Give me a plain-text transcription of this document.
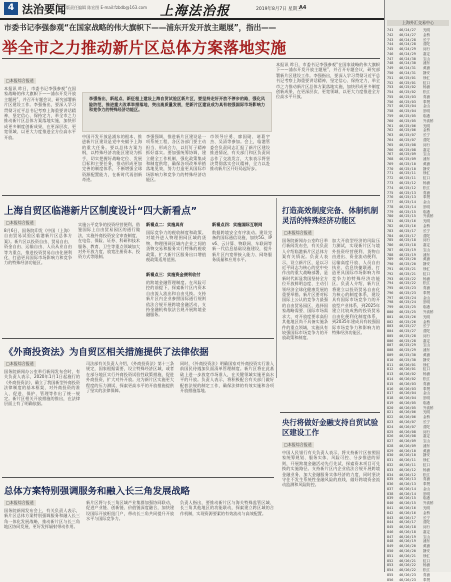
4 法治要闻
二版责任编辑 陈宏图 E-mail:fzbdb@163.com 上海法治报	2019年8月7日 星期三
A4
市委书记李强参观“在国家战略的伟大旗帜下——浦东开发开放主题展”，指出——
举全市之力推动新片区总体方案落地实施
□本报综合报道
本报讯 昨日，市委书记李强参观“在国家战略的伟大旗帜下——浦东开发开放主题展”，并召开专题会议，研究部署新片区建设工作。李强指出，要深入学习贯彻习近平总书记考察上海重要讲话精神，坚定信心、保持定力，举全市之力推动新片区总体方案落地实施，加快形成更多制度创新成果，在更深层次、更宽领域、以更大力度推进全方位高水平开放。
李强指出，新起点、新征程上建设上海自贸试验区新片区，要坚持走好开放不停步的路，强化风险防范，推进重大改革举措落地，突出高质量发展，把新片区建设成为具有较强国际市场影响力和竞争力的特殊经济功能区。
中国开发开放是浦东的根本，推进新片区建设是党中央赋予上海的重大任务。要以总体方案为纲，以特殊经济功能区建设为抓手，切实把握好战略定位、发展目标和主要任务，推动形成更加完善的制度体系，不断增强全球资源配置能力，在新时代再创新奇迹。
李强强调，推进新片区建设是一项系统工程，各区各部门要主动担当、形成合力，以钉钉子精神抓好落实。要加强统筹协调，建立健全工作机制，强化政策集成和制度供给，确保各项改革举措落地见效，努力打造更具国际市场影响力和竞争力的特殊经济功能区。
市领导应勇、廖国勋、诸葛宇杰、吴清等参加。会上，临港管委会负责同志汇报了新片区建设推进情况，有关部门和区负责同志作了交流发言，大家表示将坚决贯彻落实会议精神，全力以赴推动新片区开好局起好步。
本报讯 昨日，市委书记李强参观“在国家战略的伟大旗帜下——浦东开发开放主题展”，并召开专题会议，研究部署新片区建设工作。李强指出，要深入学习贯彻习近平总书记考察上海重要讲话精神，坚定信心、保持定力，举全市之力推动新片区总体方案落地实施，加快形成更多制度创新成果，在更深层次、更宽领域、以更大力度推进全方位高水平开放。
上海自贸区临港新片区制度设计“四大新看点”
□本报综合报道
8月6日，国务院印发《中国（上海）自由贸易试验区临港新片区总体方案》。新片区以投资自由、贸易自由、资金自由、运输自由、人员从业自由等为重点，推进投资贸易自由化便利化，打造更具国际市场影响力和竞争力的特殊经济功能区。
实施公平竞争的投资经营便利。借鉴国际上自由贸易园区的通行做法，实施外商投资安全审查制度，在电信、保险、证券、科研和技术服务、教育、卫生等重点领域加大对外开放力度，放宽注册资本、投资方式等限制。
新看点二：实施具有
国际竞争力的税收制度和政策。对境外进入物理围网区域的货物、物理围网区域内企业之间的货物交易和服务实行特殊的税收政策。扩大新片区服务出口增值税政策适用范围。
新看点三：实施资金便利收付
的跨境金融管理制度。在风险可控的前提下，探索新片区内资本自由流入流出和自由兑换。支持新片区内企业参照国际通行规则依法合规开展跨境金融活动，支持金融机构依法合规开展跨境金融服务。
新看点四：实施国际互联网
数据跨境安全有序流动。建设完备的国际通信设施，加快5G、IPv6、云计算、物联网、车联网等新一代信息基础设施建设，提升新片区内宽带接入能力、网络服务质量和应用水平。
打造高效制度完备、体制机制灵活的特殊经济功能区
□本报综合报道
国务院新闻办公室昨日举行新闻发布会，有关负责人介绍临港新片区总体方案有关情况。负责人表示，设立新片区，是以习近平同志为核心的党中央作出的重大战略部署，是新时代彰显我国坚持全方位开放鲜明态度、主动引领经济全球化健康发展的重要举措。新片区要对标国际上公认的竞争力最强的自由贸易园区，选择国家战略需要、国际市场需求大、对开放度要求高但其他地区尚不具备实施条件的重点领域，实施具有较强国际市场竞争力的开放政策和制度。
加大开放型经济的风险压力测试，实现新片区与境外投资经营便利、货物自由进出、资金流动便利、运输高度开放、人员自由执业、信息快捷联通，打造更具国际市场影响力和竞争力的特殊经济功能区。负责人介绍，新片区将建立以投资贸易自由化为核心的制度体系，建设具有国际市场竞争力的开放型产业体系，到2025年建立比较成熟的投资贸易自由化便利化制度体系，到2035年建成具有较强国际市场竞争力和影响力的特殊经济功能区。
《外商投资法》为自贸区相关措施提供了法律依据
□本报综合报道
国务院新闻办公室举行新闻发布会时，有关负责人表示，2020年1月1日起施行的《外商投资法》，确立了我国新型外商投资法律制度的基本框架，对外商投资的准入、促进、保护、管理等作出了统一规定。新片区相关开放措施的推出，在法律层面上有了明确依据。
司法部有关负责人介绍，《外商投资法》第十三条规定，国家根据需要，设立特殊经济区域，或者在部分地区实行外商投资试验性政策措施，促进外商投资，扩大对外开放。这为新片区实施更大程度的压力测试、探索更高水平的开放措施提供了坚实的法律保障。
同时，《外商投资法》明确国家对外商投资实行准入前国民待遇加负面清单管理制度。新片区将在此基础上进一步放宽市场准入，在关键领域实施更高水平的开放。负责人表示，将积极配合有关部门做好配套法规的制定工作，确保法律的有效实施和各项开放措施落地。
央行将做好金融支持自贸试验区建设工作
□本报综合报道
中国人民银行有关负责人表示，将支持新片区按照国家统筹规划、服务实体、风险可控、分步推进的原则，开展跨境金融活动先行先试，探索资本项目可兑换的实施路径。支持新片区内企业依法合规开展跨境金融业务，加大金融服务实体经济的力度，同时坚决守住不发生系统性金融风险的底线，做好跨境资金流动监测和风险防控。
总体方案特别强调服务和融入长三角发展战略
□本报综合报道
国务院新闻发布会上，有关负责人表示，新片区总体方案特别强调服务和融入长三角一体化发展战略，推动新片区与长三角地区协同发展，更好发挥辐射带动作用。
新片区将与长三角区域产业集群加强协同联动，促进产业链、创新链、价值链深度融合，加快建设国际开放枢纽门户，带动长三角共同提升开放水平与国际竞争力。
负责人指出，要推动新片区与海关特殊监管区域、长三角其他地区的功能联动，探索建立跨区域的合作机制，实现资源要素的有效流动与高效配置。
上海外汇交易中心
741 46/24/27 光明
742 46/24/27 金桥
743 46/24/28 长宁
744 46/24/28 普陀
745 46/24/29 闵行
746 46/24/29 嘉定
747 46/24/30 宝山
748 46/24/30 浦东
749 46/24/31 黄浦
750 46/24/31 静安
751 46/25/01 徐汇
752 46/25/01 虹口
753 46/25/02 杨浦
754 46/25/02 松江
755 46/25/03 青浦
756 46/25/03 奉贤
757 46/25/04 金山
758 46/25/04 崇明
759 46/25/05 临港
760 46/25/05 外高桥
761 46/25/06 光明
762 46/25/06 金桥
763 46/25/07 长宁
764 46/25/07 普陀
765 46/25/08 闵行
766 46/25/08 嘉定
767 46/25/09 宝山
768 46/25/09 浦东
769 46/25/10 黄浦
770 46/25/10 静安
771 46/25/11 徐汇
772 46/25/11 虹口
773 46/25/12 杨浦
774 46/25/12 松江
775 46/25/13 青浦
776 46/25/13 奉贤
777 46/25/14 金山
778 46/25/14 崇明
779 46/25/15 临港
780 46/25/15 外高桥
781 46/25/16 光明
782 46/25/16 金桥
783 46/25/17 长宁
784 46/25/17 普陀
785 46/25/18 闵行
786 46/25/18 嘉定
787 46/25/19 宝山
788 46/25/19 浦东
789 46/25/20 黄浦
790 46/25/20 静安
791 46/25/21 徐汇
792 46/25/21 虹口
793 46/25/22 杨浦
794 46/25/22 松江
795 46/25/23 青浦
796 46/25/23 奉贤
797 46/25/24 金山
798 46/25/24 崇明
799 46/25/25 临港
800 46/25/25 外高桥
801 46/25/26 光明
802 46/25/26 金桥
803 46/25/27 长宁
804 46/25/27 普陀
805 46/25/28 闵行
806 46/25/28 嘉定
807 46/25/29 宝山
808 46/25/29 浦东
809 46/25/30 黄浦
810 46/25/30 静安
811 46/26/01 徐汇
812 46/26/01 虹口
813 46/26/02 杨浦
814 46/26/02 松江
815 46/26/03 青浦
816 46/26/03 奉贤
817 46/26/04 金山
818 46/26/04 崇明
819 46/26/05 临港
820 46/26/05 外高桥
821 46/26/06 光明
822 46/26/06 金桥
823 46/26/07 长宁
824 46/26/07 普陀
825 46/26/08 闵行
826 46/26/08 嘉定
827 46/26/09 宝山
828 46/26/09 浦东
829 46/26/10 黄浦
830 46/26/10 静安
831 46/26/11 徐汇
832 46/26/11 虹口
833 46/26/12 杨浦
834 46/26/12 松江
835 46/26/13 青浦
836 46/26/13 奉贤
837 46/26/14 金山
838 46/26/14 崇明
839 46/26/15 临港
840 46/26/15 外高桥
841 46/26/16 光明
842 46/26/16 金桥
843 46/26/17 长宁
844 46/26/17 普陀
845 46/26/18 闵行
846 46/26/18 嘉定
847 46/26/19 宝山
848 46/26/19 浦东
849 46/26/20 黄浦
850 46/26/20 静安
851 46/26/21 徐汇
852 46/26/21 虹口
853 46/26/22 杨浦
854 46/26/22 松江
855 46/26/23 青浦
856 46/26/23 奉贤
